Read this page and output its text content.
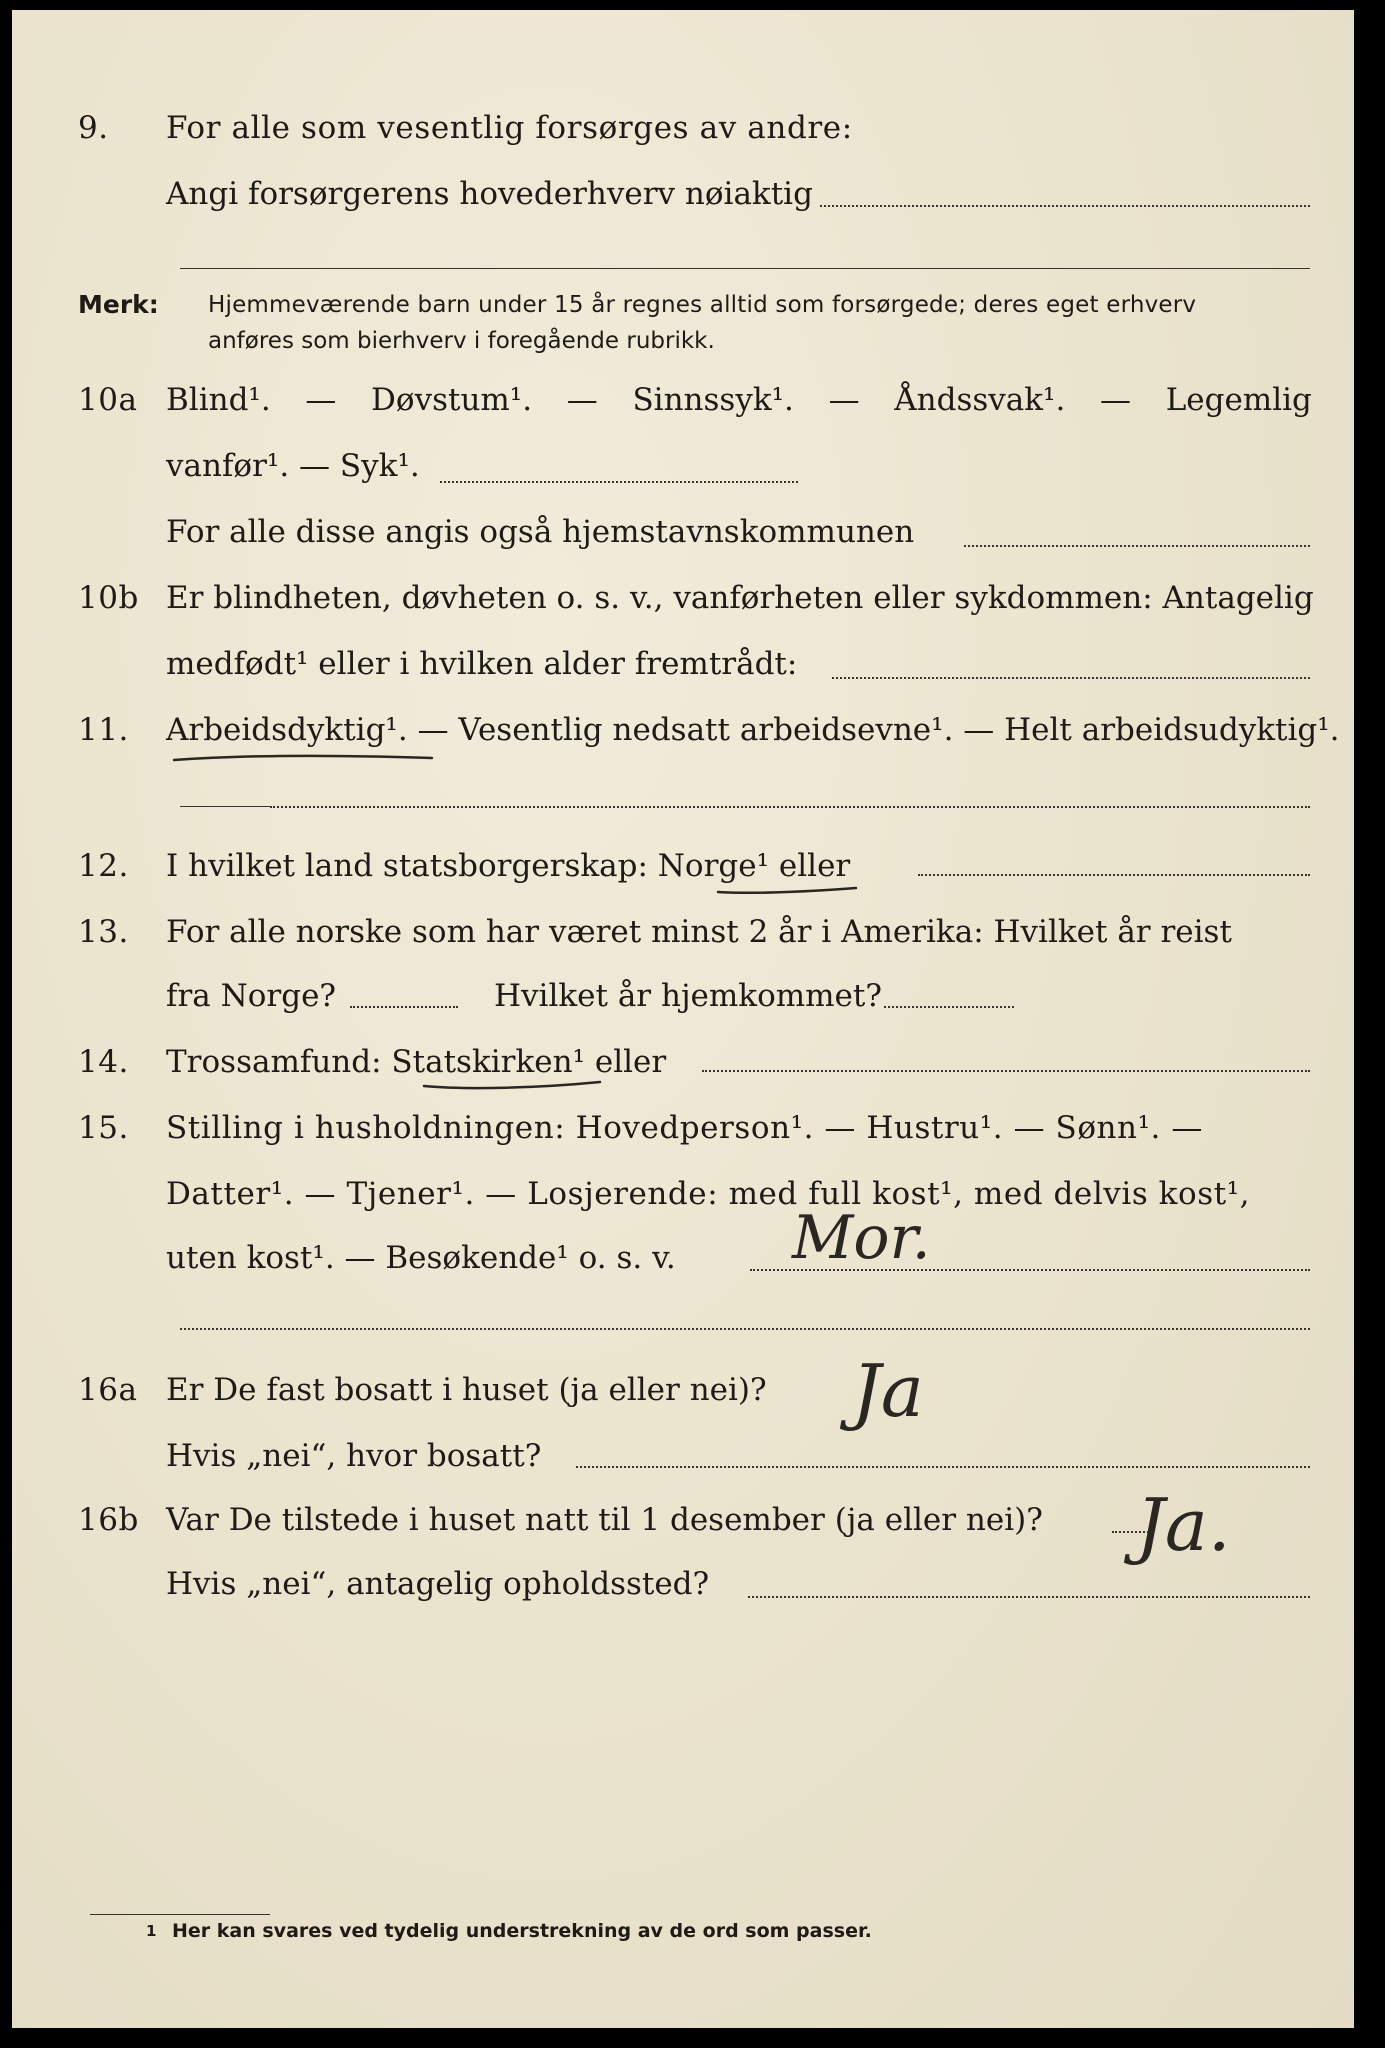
9. For alle som vesentlig forsørges av andre:
Angi forsørgerens hovederhverv nøiaktig
Merk: Hjemmeværende barn under 15 år regnes alltid som forsørgede; deres eget erhverv
anføres som bierhverv i foregående rubrikk.
10a Blind¹. — Døvstum¹. — Sinnssyk¹. — Åndssvak¹. — Legemlig
vanfør¹. — Syk¹.
For alle disse angis også hjemstavnskommunen
10b Er blindheten, døvheten o. s. v., vanførheten eller sykdommen: Antagelig
medfødt¹ eller i hvilken alder fremtrådt:
11. Arbeidsdyktig¹. — Vesentlig nedsatt arbeidsevne¹. — Helt arbeidsudyktig¹.
12. I hvilket land statsborgerskap: Norge¹ eller
13. For alle norske som har været minst 2 år i Amerika: Hvilket år reist
fra Norge?	Hvilket år hjemkommet?
14. Trossamfund: Statskirken¹ eller
15. Stilling i husholdningen: Hovedperson¹. — Hustru¹. — Sønn¹. —
Datter¹. — Tjener¹. — Losjerende: med full kost¹, med delvis kost¹,
uten kost¹. — Besøkende¹ o. s. v. Mor.
16a Er De fast bosatt i huset (ja eller nei)? Ja
Hvis „nei“, hvor bosatt?
16b Var De tilstede i huset natt til 1 desember (ja eller nei)? Ja.
Hvis „nei“, antagelig opholdssted?
1 Her kan svares ved tydelig understrekning av de ord som passer.
